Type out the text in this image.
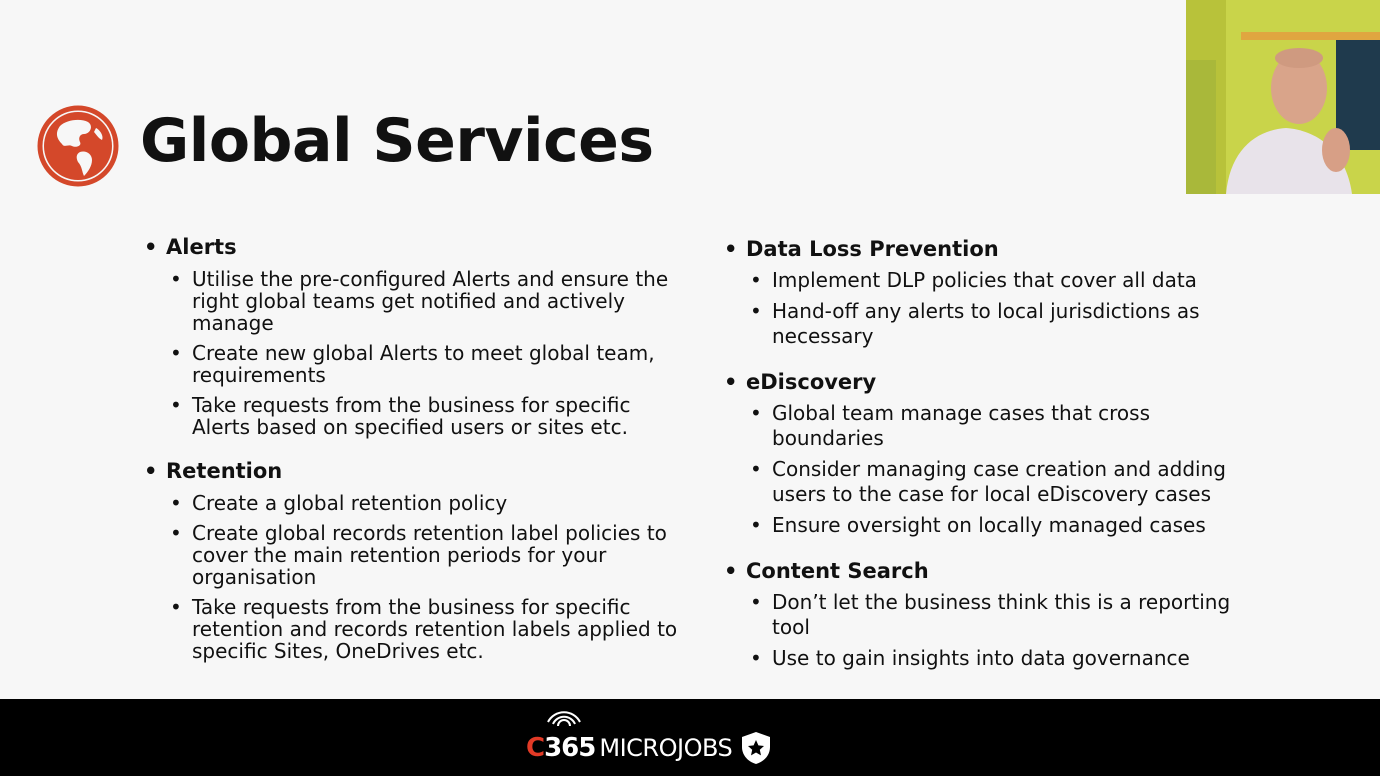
Global Services
• Alerts
• Utilise the pre-configured Alerts and ensure the right global teams get notified and actively manage
• Create new global Alerts to meet global team, requirements
• Take requests from the business for specific Alerts based on specified users or sites etc.
• Retention
• Create a global retention policy
• Create global records retention label policies to cover the main retention periods for your organisation
• Take requests from the business for specific retention and records retention labels applied to specific Sites, OneDrives etc.
• Data Loss Prevention
• Implement DLP policies that cover all data
• Hand-off any alerts to local jurisdictions as necessary
• eDiscovery
• Global team manage cases that cross boundaries
• Consider managing case creation and adding users to the case for local eDiscovery cases
• Ensure oversight on locally managed cases
• Content Search
• Don’t let the business think this is a reporting tool
• Use to gain insights into data governance
C 365 MICROJOBS
